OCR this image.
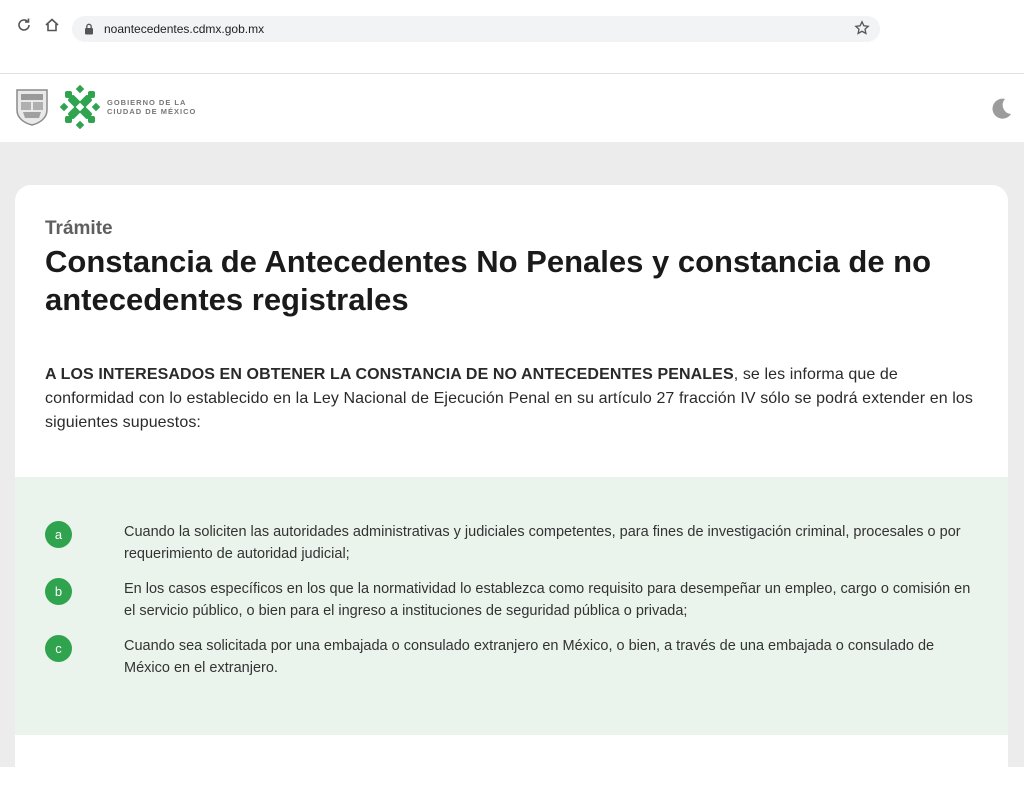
noantecedentes.cdmx.gob.mx
GOBIERNO DE LA
CIUDAD DE MÉXICO
Trámite
Constancia de Antecedentes No Penales y constancia de no antecedentes registrales
A LOS INTERESADOS EN OBTENER LA CONSTANCIA DE NO ANTECEDENTES PENALES, se les informa que de conformidad con lo establecido en la Ley Nacional de Ejecución Penal en su artículo 27 fracción IV sólo se podrá extender en los siguientes supuestos:
a	Cuando la soliciten las autoridades administrativas y judiciales competentes, para fines de investigación criminal, procesales o por requerimiento de autoridad judicial;
b	En los casos específicos en los que la normatividad lo establezca como requisito para desempeñar un empleo, cargo o comisión en el servicio público, o bien para el ingreso a instituciones de seguridad pública o privada;
c	Cuando sea solicitada por una embajada o consulado extranjero en México, o bien, a través de una embajada o consulado de México en el extranjero.
